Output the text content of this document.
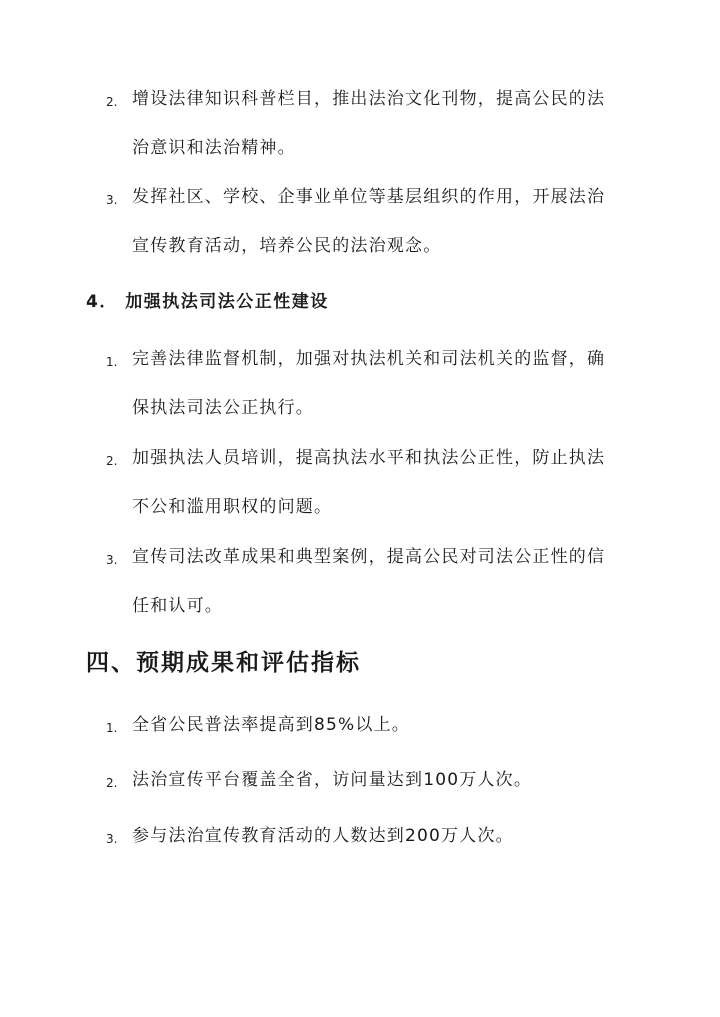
2. 增设法律知识科普栏目，推出法治文化刊物，提高公民的法
治意识和法治精神。
3. 发挥社区、学校、企事业单位等基层组织的作用，开展法治
宣传教育活动，培养公民的法治观念。
4． 加强执法司法公正性建设
1. 完善法律监督机制，加强对执法机关和司法机关的监督，确
保执法司法公正执行。
2. 加强执法人员培训，提高执法水平和执法公正性，防止执法
不公和滥用职权的问题。
3. 宣传司法改革成果和典型案例，提高公民对司法公正性的信
任和认可。
四、预期成果和评估指标
1. 全省公民普法率提高到85%以上。
2. 法治宣传平台覆盖全省，访问量达到100万人次。
3. 参与法治宣传教育活动的人数达到200万人次。
